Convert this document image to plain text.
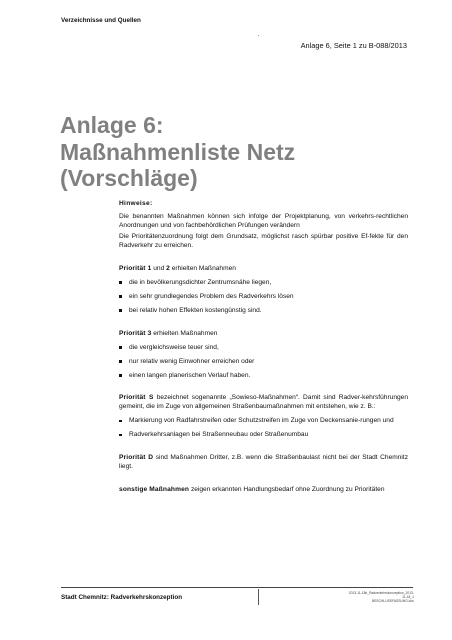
Verzeichnisse und Quellen
Anlage 6, Seite 1 zu B-088/2013
Anlage 6:
Maßnahmenliste Netz
(Vorschläge)

Hinweise:

Die benannten Maßnahmen können sich infolge der Projektplanung, von verkehrs-rechtlichen Anordnungen und von fachbehördlichen Prüfungen verändern

Die Prioritätenzuordnung folgt dem Grundsatz, möglichst rasch spürbar positive Ef-fekte für den Radverkehr zu erreichen.

Priorität 1 und 2 erhielten Maßnahmen

die in bevölkerungsdichter Zentrumsnähe liegen,
ein sehr grundlegendes Problem des Radverkehrs lösen
bei relativ hohen Effekten kostengünstig sind.

Priorität 3 erhielten Maßnahmen

die vergleichsweise teuer sind,
nur relativ wenig Einwohner erreichen oder
einen langen planerischen Verlauf haben.

Priorität S bezeichnet sogenannte „Sowieso-Maßnahmen“. Damit sind Radver-kehrsführungen gemeint, die im Zuge von allgemeinen Straßenbaumaßnahmen mit entstehen, wie z. B.:

Markierung von Radfahrstreifen oder Schutzstreifen im Zuge von Deckensanie-rungen und
Radverkehrsanlagen bei Straßenneubau oder Straßenumbau

Priorität D sind Maßnahmen Dritter, z.B. wenn die Straßenbaulast nicht bei der Stadt Chemnitz liegt.

sonstige Maßnahmen zeigen erkannten Handlungsbedarf ohne Zuordnung zu Prioritäten

Stadt Chemnitz: Radverkehrskonzeption
2013-11-18b_Radverkehrskonzeption_2013-11-18_1
BESCHLUSSFASSUNG.doc
